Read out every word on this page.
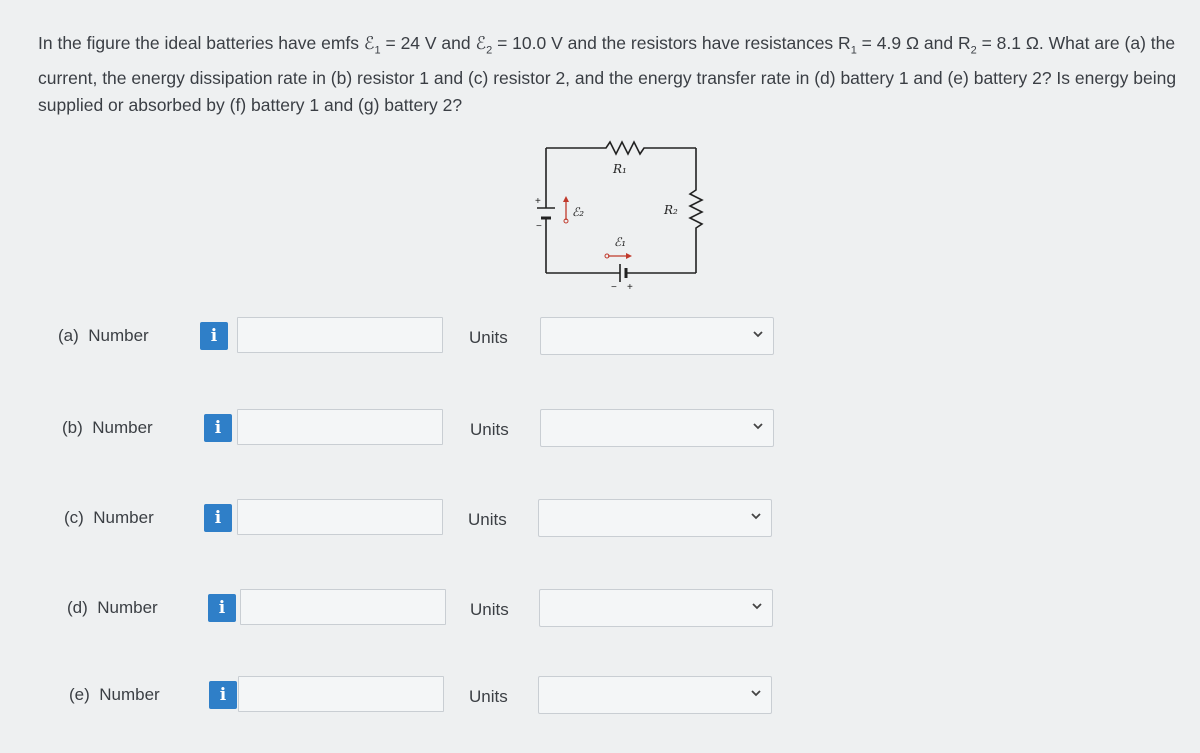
In the figure the ideal batteries have emfs ℰ$_1$ = 24 V and ℰ$_2$ = 10.0 V and the resistors have resistances $R_1 = 4.9$ Ω and $R_2 = 8.1$ Ω. What are (a) the current, the energy dissipation rate in (b) resistor 1 and (c) resistor 2, and the energy transfer rate in (d) battery 1 and (e) battery 2? Is energy being supplied or absorbed by (f) battery 1 and (g) battery 2?
R₁
R₂
ℰ₁
ℰ₂
+
−
− +
(a) Number	i	Units
(b) Number	i	Units
(c) Number	i	Units
(d) Number	i	Units
(e) Number	i	Units
